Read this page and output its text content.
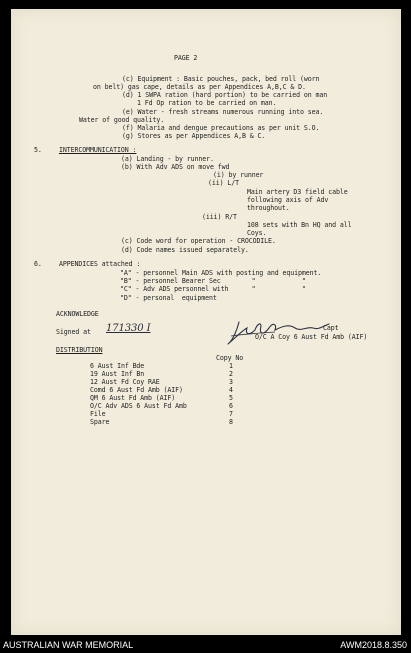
PAGE 2
(c) Equipment : Basic pouches, pack, bed roll (worn
on belt) gas cape, details as per Appendices A,B,C & D.
(d) 1 SWPA ration (hard portion) to be carried on man
1 Fd Op ration to be carried on man.
(e) Water - fresh streams numerous running into sea.
Water of good quality.
(f) Malaria and dengue precautions as per unit S.O.
(g) Stores as per Appendices A,B & C.
5.	INTERCOMMUNICATION :
(a) Landing - by runner.
(b) With Adv ADS on move fwd
(i) by runner
(ii) L/T
Main artery D3 field cable
following axis of Adv
throughout.
(iii) R/T
108 sets with Bn HQ and all
Coys.
(c) Code word for operation - CROCODILE.
(d) Code names issued separately.
6.	APPENDICES attached :
"A" - personnel Main ADS with posting and equipment.
"B" - personnel Bearer Sec        "            "
"C" - Adv ADS personnel with      "            "
"D" - personal  equipment
ACKNOWLEDGE
Signed at 171330 I	Capt
O/C A Coy 6 Aust Fd Amb (AIF)
DISTRIBUTION
Copy No
6 Aust Inf Bde	1
19 Aust Inf Bn	2
12 Aust Fd Coy RAE	3
Comd 6 Aust Fd Amb (AIF)	4
QM 6 Aust Fd Amb (AIF)	5
O/C Adv ADS 6 Aust Fd Amb	6
File	7
Spare	8
AUSTRALIAN WAR MEMORIAL	AWM2018.8.350
